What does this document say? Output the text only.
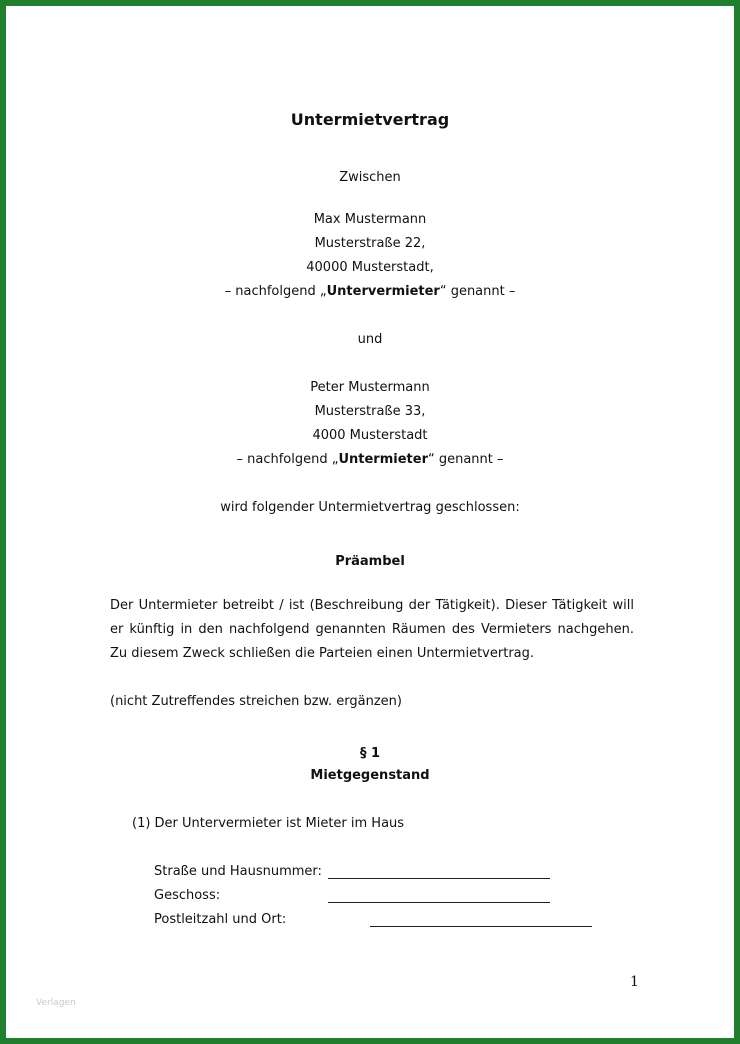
Untermietvertrag
Zwischen
Max Mustermann
Musterstraße 22,
40000 Musterstadt,
– nachfolgend „Untervermieter“ genannt –
und
Peter Mustermann
Musterstraße 33,
4000 Musterstadt
– nachfolgend „Untermieter“ genannt –
wird folgender Untermietvertrag geschlossen:
Präambel
Der Untermieter betreibt / ist (Beschreibung der Tätigkeit). Dieser Tätigkeit will
er künftig in den nachfolgend genannten Räumen des Vermieters nachgehen.
Zu diesem Zweck schließen die Parteien einen Untermietvertrag.
(nicht Zutreffendes streichen bzw. ergänzen)
§ 1
Mietgegenstand
(1) Der Untervermieter ist Mieter im Haus
Straße und Hausnummer:
Geschoss:
Postleitzahl und Ort:
1
Verlagen
